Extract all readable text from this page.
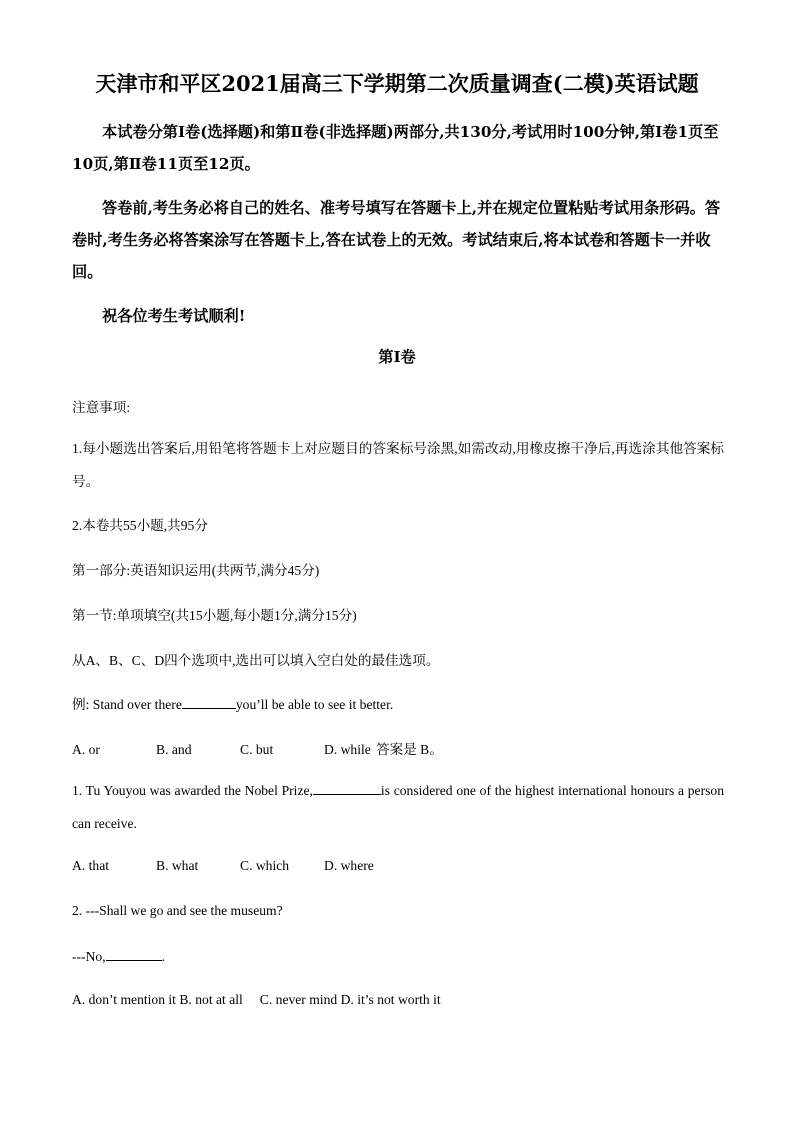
天津市和平区2021届高三下学期第二次质量调查(二模)英语试题

本试卷分第Ⅰ卷(选择题)和第Ⅱ卷(非选择题)两部分,共130分,考试用时100分钟,第Ⅰ卷1页至10页,第Ⅱ卷11页至12页。

答卷前,考生务必将自己的姓名、准考号填写在答题卡上,并在规定位置粘贴考试用条形码。答卷时,考生务必将答案涂写在答题卡上,答在试卷上的无效。考试结束后,将本试卷和答题卡一并收回。

祝各位考生考试顺利!

第Ⅰ卷

注意事项:

1.每小题选出答案后,用铅笔将答题卡上对应题目的答案标号涂黑,如需改动,用橡皮擦干净后,再选涂其他答案标号。

2.本卷共55小题,共95分

第一部分:英语知识运用(共两节,满分45分)

第一节:单项填空(共15小题,每小题1分,满分15分)

从A、B、C、D四个选项中,选出可以填入空白处的最佳选项。

例: Stand over there	you’ll be able to see it better.

A. or	B. and	C. but	D. while 答案是 B。

1. Tu Youyou was awarded the Nobel Prize,	is considered one of the highest international honours a person can receive.

A. that	B. what	C. which	D. where

2. ---Shall we go and see the museum?

---No,	.

A. don’t mention it B. not at all     C. never mind D. it’s not worth it
